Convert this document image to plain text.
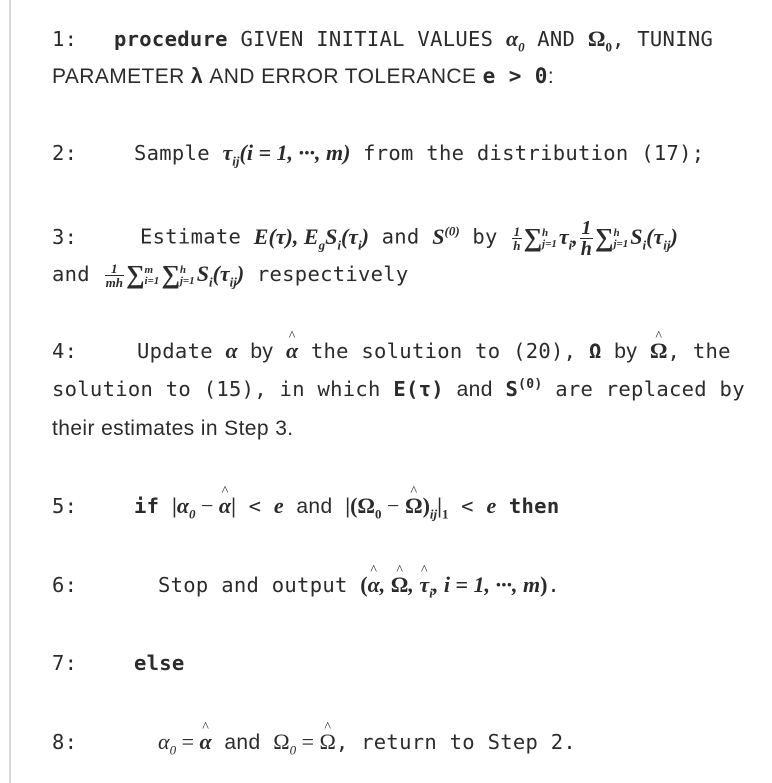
1: procedure GIVEN INITIAL VALUES $\alpha_0$ AND $\Omega_0$, TUNING
PARAMETER λ AND ERROR TOLERANCE e > 0:
2:	Sample $\tau_{ij}(i = 1$, ···, m) from the distribution (17);
3:	Estimate E(τ), $E_gS_i(\tau_i)$ and $S^{(0)}$ by $\frac{1}{h}$ ∑ h
j=1 $\tau_i$, $\frac{1}{h}$ ∑ h
j=1 $S_i(\tau_{ij})$
and $\frac{1}{mh}$ ∑ m
i=1 ∑ h
j=1 $S_i(\tau_{ij})$ respectively
4:	Update α by ^ α the solution to (20), Ω by ^ Ω, the
solution to (15), in which E(τ) and $S^{(0)}$ are replaced by
their estimates in Step 3.
5:	if $|\alpha_0$ − ^ α| < e and $|(\Omega_0$ − ^ $\Omega)_{ij}|_1 < e$ then
6:	Stop and output (^ α, ^ Ω, ^ $\tau_i$, i = 1, ···, m).
7:	else
8:	$\alpha_0$ = ^ α and $\Omega_0$ = ^ Ω, return to Step 2.
